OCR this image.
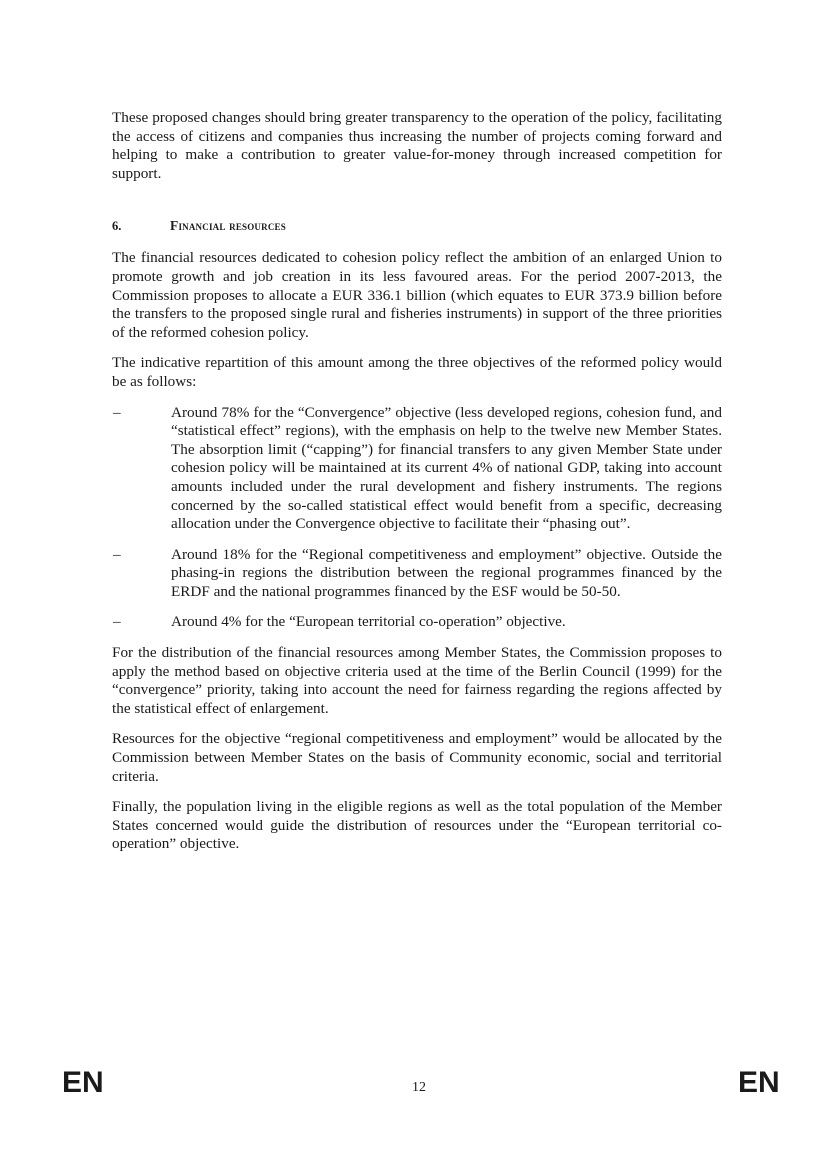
These proposed changes should bring greater transparency to the operation of the policy, facilitating the access of citizens and companies thus increasing the number of projects coming forward and helping to make a contribution to greater value-for-money through increased competition for support.

6.	Financial resources

The financial resources dedicated to cohesion policy reflect the ambition of an enlarged Union to promote growth and job creation in its less favoured areas. For the period 2007-2013, the Commission proposes to allocate a EUR 336.1 billion (which equates to EUR 373.9 billion before the transfers to the proposed single rural and fisheries instruments) in support of the three priorities of the reformed cohesion policy.

The indicative repartition of this amount among the three objectives of the reformed policy would be as follows:

–	Around 78% for the “Convergence” objective (less developed regions, cohesion fund, and “statistical effect” regions), with the emphasis on help to the twelve new Member States. The absorption limit (“capping”) for financial transfers to any given Member State under cohesion policy will be maintained at its current 4% of national GDP, taking into account amounts included under the rural development and fishery instruments. The regions concerned by the so-called statistical effect would benefit from a specific, decreasing allocation under the Convergence objective to facilitate their “phasing out”.

–	Around 18% for the “Regional competitiveness and employment” objective. Outside the phasing-in regions the distribution between the regional programmes financed by the ERDF and the national programmes financed by the ESF would be 50-50.

–	Around 4% for the “European territorial co-operation” objective.

For the distribution of the financial resources among Member States, the Commission proposes to apply the method based on objective criteria used at the time of the Berlin Council (1999) for the “convergence” priority, taking into account the need for fairness regarding the regions affected by the statistical effect of enlargement.

Resources for the objective “regional competitiveness and employment” would be allocated by the Commission between Member States on the basis of Community economic, social and territorial criteria.

Finally, the population living in the eligible regions as well as the total population of the Member States concerned would guide the distribution of resources under the “European territorial co-operation” objective.

EN	12	EN
